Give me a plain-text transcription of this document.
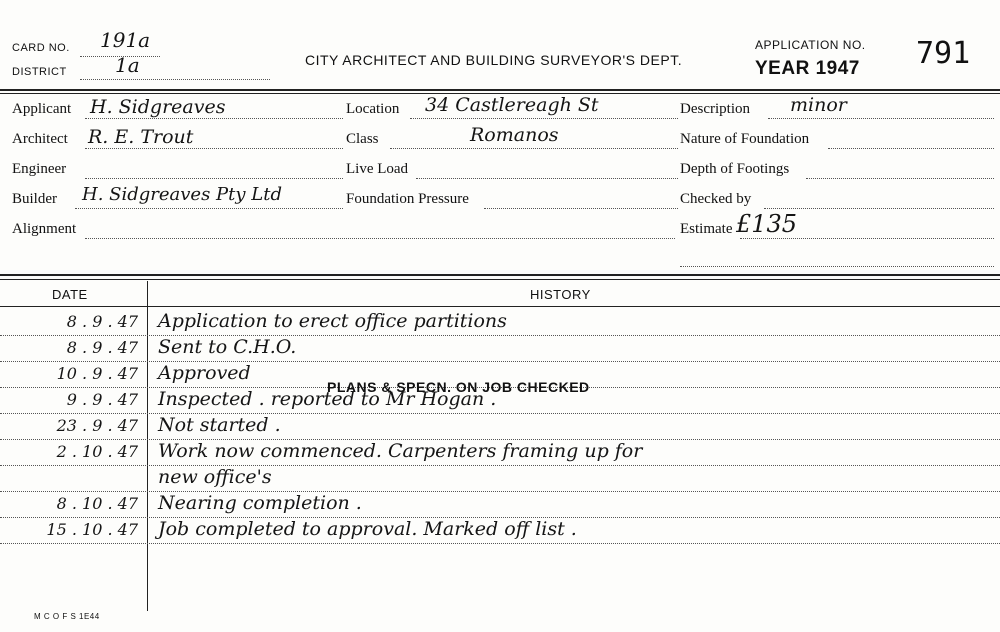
CARD NO. 191a
DISTRICT 1a	CITY ARCHITECT AND BUILDING SURVEYOR'S DEPT.
APPLICATION NO. 791
YEAR 1947
Applicant H. Sidgreaves
Architect R. E. Trout
Engineer
Builder H. Sidgreaves Pty Ltd
Alignment
Location 34 Castlereagh St
Class	Romanos
Live Load
Foundation Pressure
Description minor
Nature of Foundation
Depth of Footings
Checked by
Estimate £135
DATE	HISTORY
8 . 9 . 47 Application to erect office partitions
8 . 9 . 47 Sent to C.H.O.
10 . 9 . 47 Approved
9 . 9 . 47 Inspected . reported to Mr Hogan .
23 . 9 . 47 Not started .
2 . 10 . 47 Work now commenced. Carpenters framing up for
new office's
8 . 10 . 47 Nearing completion .
15 . 10 . 47 Job completed to approval. Marked off list .
PLANS & SPECN. ON JOB CHECKED
M C O F S 1E44
